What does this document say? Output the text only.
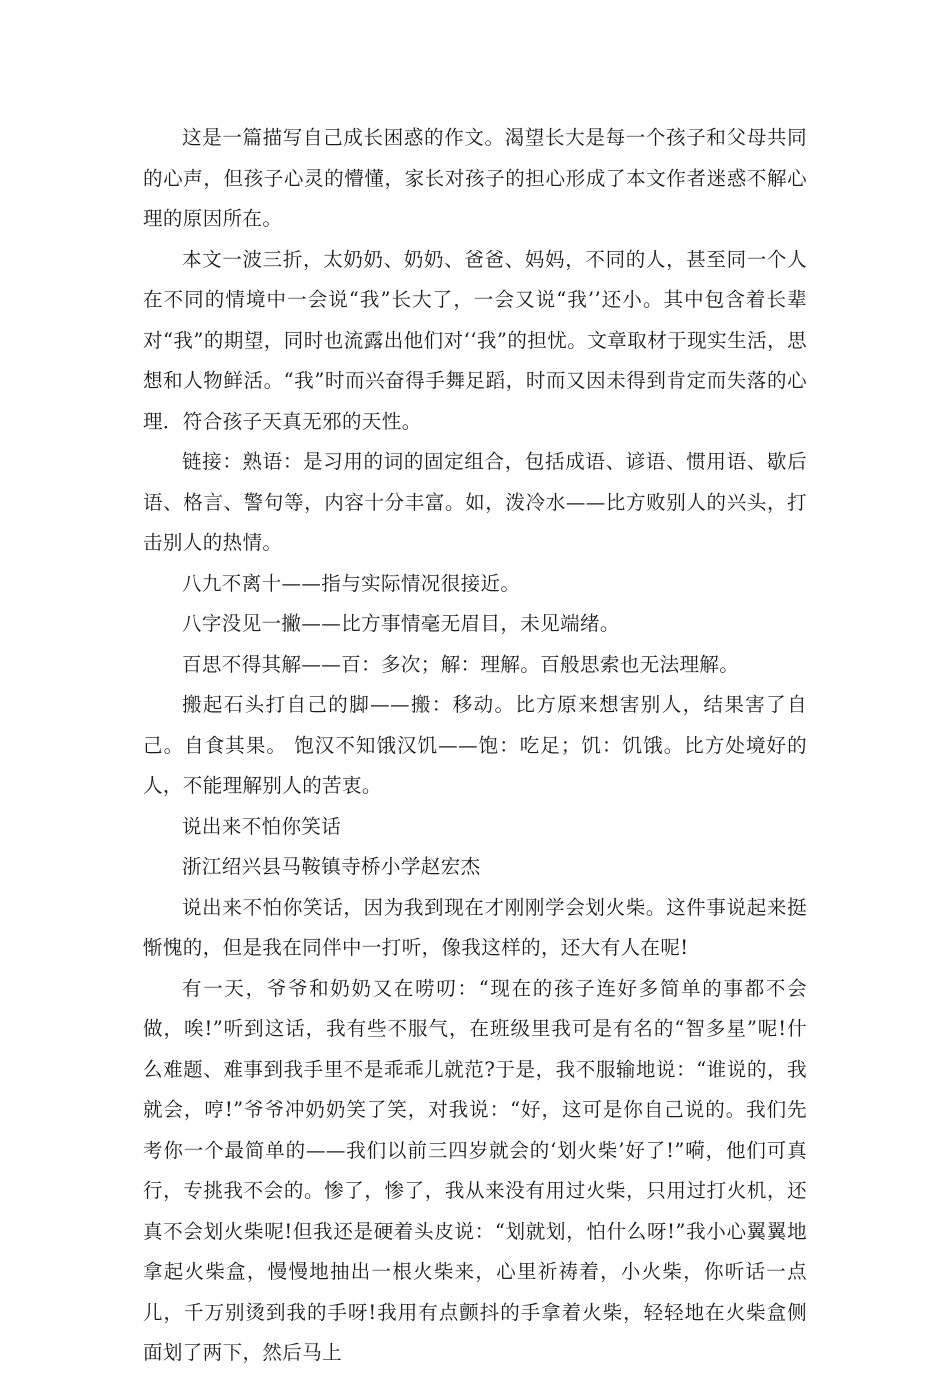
这是一篇描写自己成长困惑的作文。渴望长大是每一个孩子和父母共同的心声，但孩子心灵的懵懂，家长对孩子的担心形成了本文作者迷惑不解心理的原因所在。

本文一波三折，太奶奶、奶奶、爸爸、妈妈，不同的人，甚至同一个人在不同的情境中一会说“我”长大了，一会又说“我’’还小。其中包含着长辈对“我”的期望，同时也流露出他们对‘‘我”的担忧。文章取材于现实生活，思想和人物鲜活。“我”时而兴奋得手舞足蹈，时而又因未得到肯定而失落的心理．符合孩子天真无邪的天性。

链接：熟语：是习用的词的固定组合，包括成语、谚语、惯用语、歇后语、格言、警句等，内容十分丰富。如，泼冷水——比方败别人的兴头，打击别人的热情。

八九不离十——指与实际情况很接近。

八字没见一撇——比方事情毫无眉目，未见端绪。

百思不得其解——百：多次；解：理解。百般思索也无法理解。

搬起石头打自己的脚——搬：移动。比方原来想害别人，结果害了自己。自食其果。 饱汉不知饿汉饥——饱：吃足；饥：饥饿。比方处境好的人，不能理解别人的苦衷。

说出来不怕你笑话

浙江绍兴县马鞍镇寺桥小学赵宏杰

说出来不怕你笑话，因为我到现在才刚刚学会划火柴。这件事说起来挺惭愧的，但是我在同伴中一打听，像我这样的，还大有人在呢!

有一天，爷爷和奶奶又在唠叨：“现在的孩子连好多简单的事都不会做，唉!”听到这话，我有些不服气，在班级里我可是有名的“智多星”呢!什么难题、难事到我手里不是乖乖儿就范?于是，我不服输地说：“谁说的，我就会，哼!”爷爷冲奶奶笑了笑，对我说：“好，这可是你自己说的。我们先考你一个最简单的——我们以前三四岁就会的‘划火柴’好了!”嗬，他们可真行，专挑我不会的。惨了，惨了，我从来没有用过火柴，只用过打火机，还真不会划火柴呢!但我还是硬着头皮说：“划就划，怕什么呀!”我小心翼翼地拿起火柴盒，慢慢地抽出一根火柴来，心里祈祷着，小火柴，你听话一点儿，千万别烫到我的手呀!我用有点颤抖的手拿着火柴，轻轻地在火柴盒侧面划了两下，然后马上
